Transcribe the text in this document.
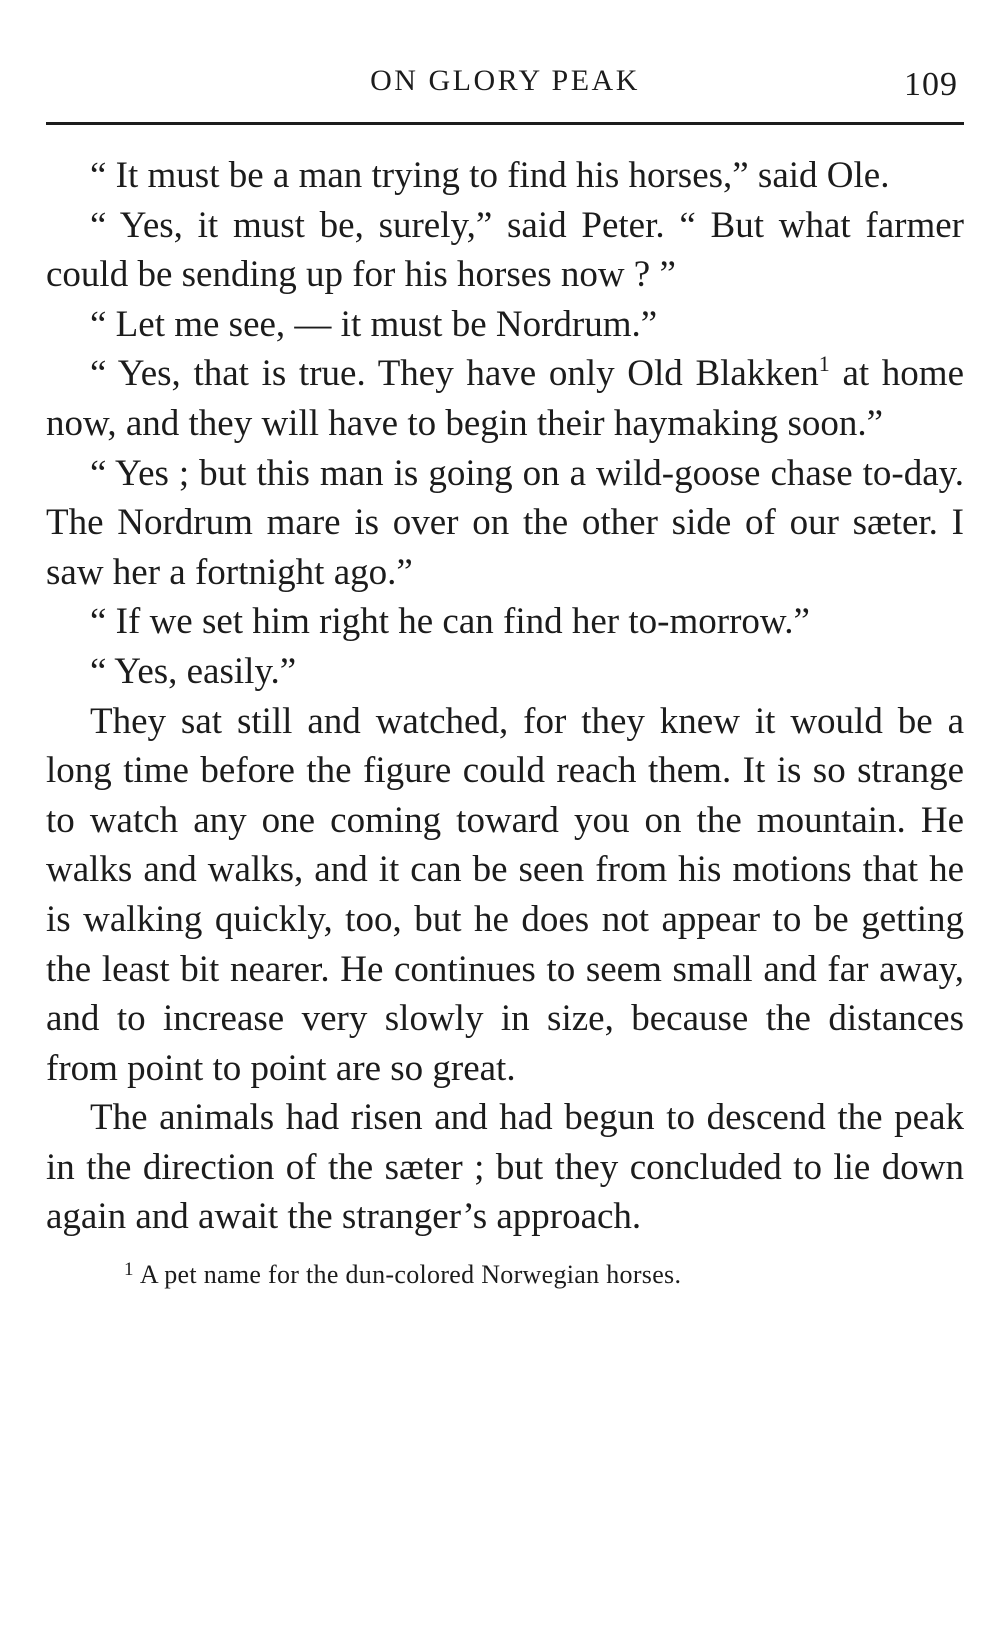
ON GLORY PEAK	109

“ It must be a man trying to find his horses,” said Ole.

“ Yes, it must be, surely,” said Peter. “ But what farmer could be sending up for his horses now ? ”

“ Let me see, — it must be Nordrum.”

“ Yes, that is true. They have only Old Blakken$^1$ at home now, and they will have to begin their haymaking soon.”

“ Yes ; but this man is going on a wild-goose chase to-day. The Nordrum mare is over on the other side of our sæter. I saw her a fortnight ago.”

“ If we set him right he can find her to-morrow.”

“ Yes, easily.”

They sat still and watched, for they knew it would be a long time before the figure could reach them. It is so strange to watch any one coming toward you on the mountain. He walks and walks, and it can be seen from his motions that he is walking quickly, too, but he does not appear to be getting the least bit nearer. He continues to seem small and far away, and to increase very slowly in size, because the distances from point to point are so great.

The animals had risen and had begun to descend the peak in the direction of the sæter ; but they concluded to lie down again and await the stranger’s approach.

$^1$ A pet name for the dun-colored Norwegian horses.
